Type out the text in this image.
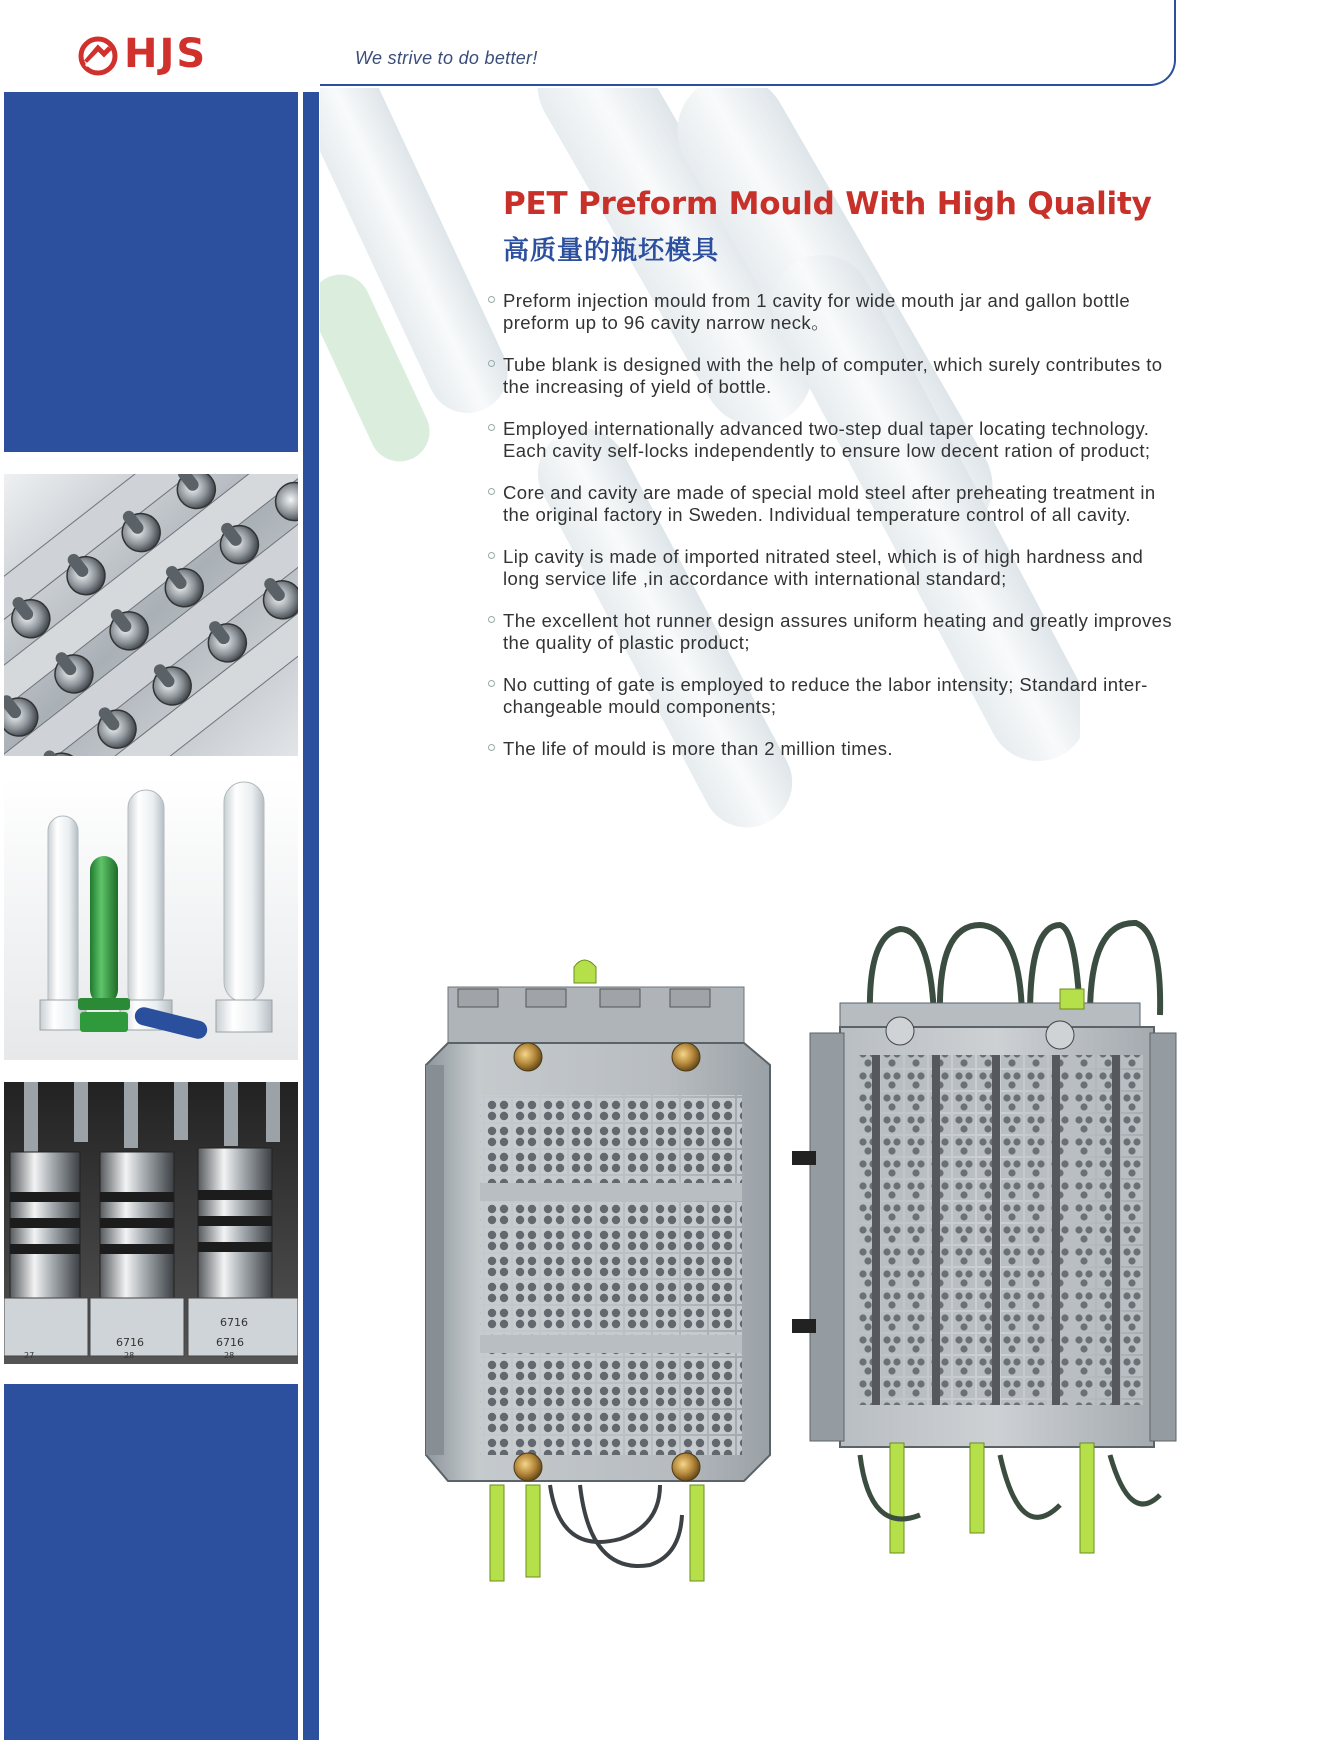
HJS
6716	6716
6716
27	28	28
We strive to do better!
PET Preform Mould With High Quality
高质量的瓶坯模具
Preform injection mould from 1 cavity for wide mouth jar and gallon bottle preform up to 96 cavity narrow neck。
Tube blank is designed with the help of computer, which surely contributes to the increasing of yield of bottle.
Employed internationally advanced two-step dual taper locating technology. Each cavity self-locks independently to ensure low decent ration of product;
Core and cavity are made of special mold steel after preheating treatment in the original factory in Sweden. Individual temperature control of all cavity.
Lip cavity is made of imported nitrated steel, which is of high hardness and long service life ,in accordance with international standard;
The excellent hot runner design assures uniform heating and greatly improves the quality of plastic product;
No cutting of gate is employed to reduce the labor intensity; Standard inter-changeable mould components;
The life of mould is more than 2 million times.
